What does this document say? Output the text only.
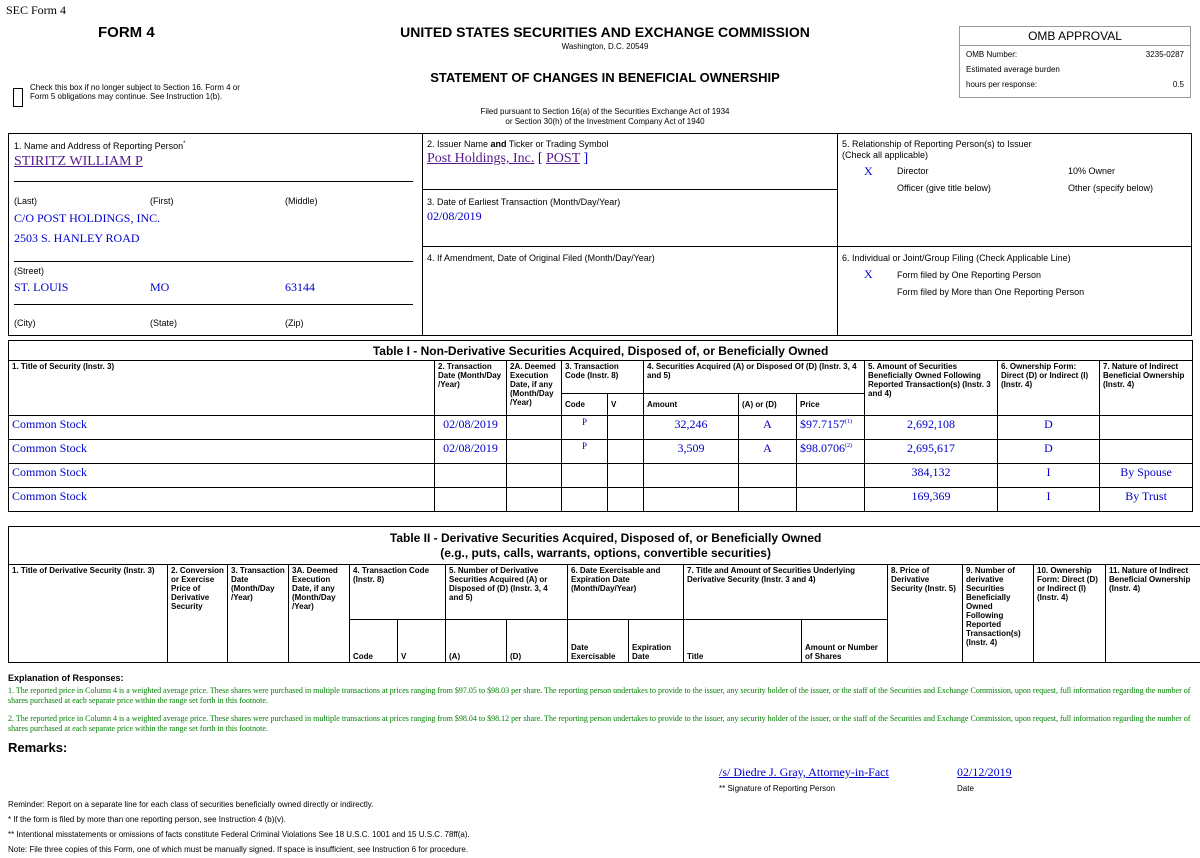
SEC Form 4
FORM 4	UNITED STATES SECURITIES AND EXCHANGE COMMISSION
Washington, D.C. 20549
STATEMENT OF CHANGES IN BENEFICIAL OWNERSHIP
Filed pursuant to Section 16(a) of the Securities Exchange Act of 1934
or Section 30(h) of the Investment Company Act of 1940
Check this box if no longer subject to Section 16. Form 4 or Form 5 obligations may continue. See Instruction 1(b).
OMB APPROVAL
OMB Number:	3235-0287
Estimated average burden
hours per response:	0.5
1. Name and Address of Reporting Person*
STIRITZ WILLIAM P
(Last)	(First)	(Middle)
C/O POST HOLDINGS, INC.
2503 S. HANLEY ROAD
(Street)
ST. LOUIS	MO	63144
(City)	(State)	(Zip)
2. Issuer Name and Ticker or Trading Symbol
Post Holdings, Inc. [ POST ]
3. Date of Earliest Transaction (Month/Day/Year)
02/08/2019
4. If Amendment, Date of Original Filed (Month/Day/Year)
5. Relationship of Reporting Person(s) to Issuer
(Check all applicable)
X	Director	10% Owner
Officer (give title below)	Other (specify below)
6. Individual or Joint/Group Filing (Check Applicable Line)
X	Form filed by One Reporting Person
Form filed by More than One Reporting Person
Table I - Non-Derivative Securities Acquired, Disposed of, or Beneficially Owned										
1. Title of Security (Instr. 3)	2. Transaction Date (Month/Day /Year)	2A. Deemed Execution Date, if any (Month/Day /Year)	3. Transaction Code (Instr. 8)		4. Securities Acquired (A) or Disposed Of (D) (Instr. 3, 4 and 5)			5. Amount of Securities Beneficially Owned Following Reported Transaction(s) (Instr. 3 and 4)	6. Ownership Form: Direct (D) or Indirect (I) (Instr. 4)	7. Nature of Indirect Beneficial Ownership (Instr. 4)
			Code	V	Amount	(A) or (D)	Price			
Common Stock	02/08/2019		P		32,246	A	$97.7157$^{(1)}$	2,692,108	D	
Common Stock	02/08/2019		P		3,509	A	$98.0706$^{(2)}$	2,695,617	D	
Common Stock								384,132	I	By Spouse
Common Stock								169,369	I	By Trust
Table II - Derivative Securities Acquired, Disposed of, or Beneficially Owned
(e.g., puts, calls, warrants, options, convertible securities)															

1. Title of Derivative Security (Instr. 3)	2. Conversion or Exercise Price of Derivative Security	3. Transaction Date (Month/Day /Year)	3A. Deemed Execution Date, if any (Month/Day /Year)	4. Transaction Code (Instr. 8)		5. Number of Derivative Securities Acquired (A) or Disposed of (D) (Instr. 3, 4 and 5)		6. Date Exercisable and Expiration Date (Month/Day/Year)		7. Title and Amount of Securities Underlying Derivative Security (Instr. 3 and 4)		8. Price of Derivative Security (Instr. 5)	9. Number of derivative Securities Beneficially Owned Following Reported Transaction(s) (Instr. 4)	10. Ownership Form: Direct (D) or Indirect (I) (Instr. 4)	11. Nature of Indirect Beneficial Ownership (Instr. 4)
				Code	V	(A)	(D)	Date Exercisable	Expiration Date	Title	Amount or Number of Shares				
Explanation of Responses:
1. The reported price in Column 4 is a weighted average price. These shares were purchased in multiple transactions at prices ranging from $97.05 to $98.03 per share. The reporting person undertakes to provide to the issuer, any security holder of the issuer, or the staff of the Securities and Exchange Commission, upon request, full information regarding the number of shares purchased at each separate price within the range set forth in this footnote.
2. The reported price in Column 4 is a weighted average price. These shares were purchased in multiple transactions at prices ranging from $98.04 to $98.12 per share. The reporting person undertakes to provide to the issuer, any security holder of the issuer, or the staff of the Securities and Exchange Commission, upon request, full information regarding the number of shares purchased at each separate price within the range set forth in this footnote.
Remarks:
/s/ Diedre J. Gray, Attorney-in-Fact	02/12/2019
** Signature of Reporting Person	Date
Reminder: Report on a separate line for each class of securities beneficially owned directly or indirectly.
* If the form is filed by more than one reporting person, see Instruction 4 (b)(v).
** Intentional misstatements or omissions of facts constitute Federal Criminal Violations See 18 U.S.C. 1001 and 15 U.S.C. 78ff(a).
Note: File three copies of this Form, one of which must be manually signed. If space is insufficient, see Instruction 6 for procedure.
